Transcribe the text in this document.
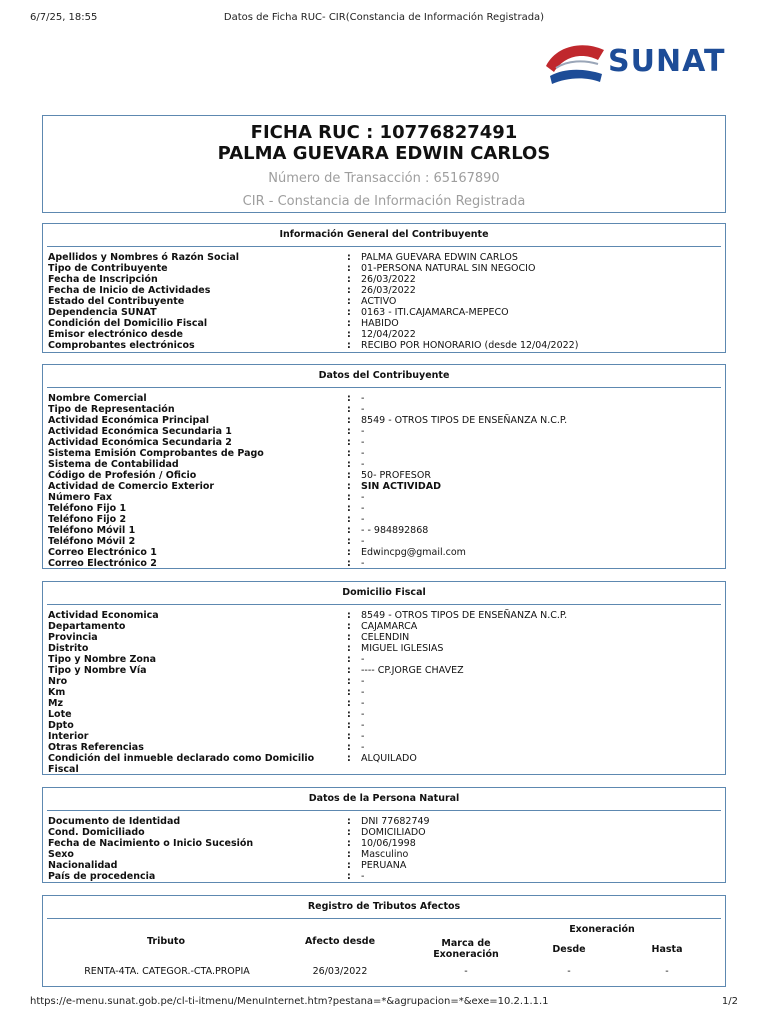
6/7/25, 18:55	Datos de Ficha RUC- CIR(Constancia de Información Registrada)
SUNAT
FICHA RUC : 10776827491
PALMA GUEVARA EDWIN CARLOS
Número de Transacción : 65167890
CIR - Constancia de Información Registrada
Información General del Contribuyente
Apellidos y Nombres ó Razón Social	: PALMA GUEVARA EDWIN CARLOS
Tipo de Contribuyente	: 01-PERSONA NATURAL SIN NEGOCIO
Fecha de Inscripción	: 26/03/2022
Fecha de Inicio de Actividades	: 26/03/2022
Estado del Contribuyente	: ACTIVO
Dependencia SUNAT	: 0163 - ITI.CAJAMARCA-MEPECO
Condición del Domicilio Fiscal	: HABIDO
Emisor electrónico desde	: 12/04/2022
Comprobantes electrónicos	: RECIBO POR HONORARIO (desde 12/04/2022)
Datos del Contribuyente
Nombre Comercial	: -
Tipo de Representación	: -
Actividad Económica Principal	: 8549 - OTROS TIPOS DE ENSEÑANZA N.C.P.
Actividad Económica Secundaria 1	: -
Actividad Económica Secundaria 2	: -
Sistema Emisión Comprobantes de Pago	: -
Sistema de Contabilidad	: -
Código de Profesión / Oficio	: 50- PROFESOR
Actividad de Comercio Exterior	: SIN ACTIVIDAD
Número Fax	: -
Teléfono Fijo 1	: -
Teléfono Fijo 2	: -
Teléfono Móvil 1	: - - 984892868
Teléfono Móvil 2	: -
Correo Electrónico 1	: Edwincpg@gmail.com
Correo Electrónico 2	: -
Domicilio Fiscal
Actividad Economica	: 8549 - OTROS TIPOS DE ENSEÑANZA N.C.P.
Departamento	: CAJAMARCA
Provincia	: CELENDIN
Distrito	: MIGUEL IGLESIAS
Tipo y Nombre Zona	: -
Tipo y Nombre Vía	: ---- CP.JORGE CHAVEZ
Nro	: -
Km	: -
Mz	: -
Lote	: -
Dpto	: -
Interior	: -
Otras Referencias	: -
Condición del inmueble declarado como Domicilio Fiscal
: ALQUILADO
Datos de la Persona Natural
Documento de Identidad	: DNI 77682749
Cond. Domiciliado	: DOMICILIADO
Fecha de Nacimiento o Inicio Sucesión	: 10/06/1998
Sexo	: Masculino
Nacionalidad	: PERUANA
País de procedencia	: -
Registro de Tributos Afectos
Tributo	Afecto desde	Marca de Exoneración
Exoneración
Desde	Hasta
RENTA-4TA. CATEGOR.-CTA.PROPIA	26/03/2022	-	-	-
https://e-menu.sunat.gob.pe/cl-ti-itmenu/MenuInternet.htm?pestana=*&agrupacion=*&exe=10.2.1.1.1	1/2
